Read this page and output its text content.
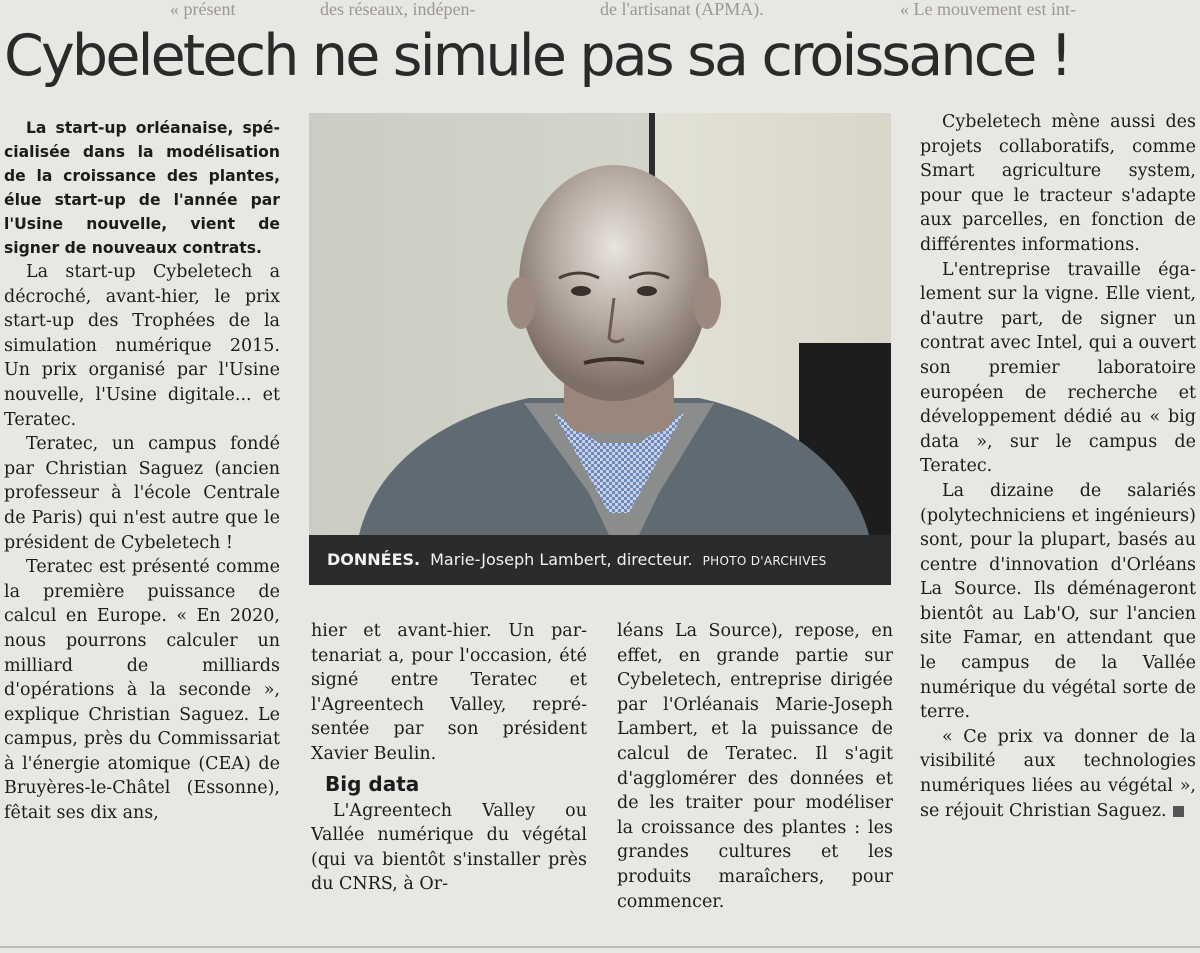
« présent	des réseaux, indépen-	de l'artisanat (APMA).	« Le mouvement est int-
Cybeletech ne simule pas sa croissance !

La start-up orléanaise, spécialisée dans la modélisation de la croissance des plantes, élue start-up de l'année par l'Usine nouvelle, vient de signer de nouveaux contrats.

La start-up Cybeletech a décroché, avant-hier, le prix start-up des Trophées de la simulation numérique 2015. Un prix organisé par l'Usine nouvelle, l'Usine digitale... et Teratec.

Teratec, un campus fondé par Christian Saguez (ancien professeur à l'école Centrale de Paris) qui n'est autre que le président de Cybeletech !

Teratec est présenté comme la première puissance de calcul en Europe. « En 2020, nous pourrons calculer un milliard de milliards d'opérations à la seconde », explique Christian Saguez. Le campus, près du Commissariat à l'énergie atomique (CEA) de Bruyères-le-Châtel (Essonne), fêtait ses dix ans,

DONNÉES. Marie-Joseph Lambert, directeur. PHOTO D'ARCHIVES

hier et avant-hier. Un partenariat a, pour l'occasion, été signé entre Teratec et l'Agreentech Valley, représentée par son président Xavier Beulin.

Big data

L'Agreentech Valley ou Vallée numérique du végétal (qui va bientôt s'installer près du CNRS, à Or-

léans La Source), repose, en effet, en grande partie sur Cybeletech, entreprise dirigée par l'Orléanais Marie-Joseph Lambert, et la puissance de calcul de Teratec. Il s'agit d'agglomérer des données et de les traiter pour modéliser la croissance des plantes : les grandes cultures et les produits maraîchers, pour commencer.

Cybeletech mène aussi des projets collaboratifs, comme Smart agriculture system, pour que le tracteur s'adapte aux parcelles, en fonction de différentes informations.

L'entreprise travaille également sur la vigne. Elle vient, d'autre part, de signer un contrat avec Intel, qui a ouvert son premier laboratoire européen de recherche et développement dédié au « big data », sur le campus de Teratec.

La dizaine de salariés (polytechniciens et ingénieurs) sont, pour la plupart, basés au centre d'innovation d'Orléans La Source. Ils déménageront bientôt au Lab'O, sur l'ancien site Famar, en attendant que le campus de la Vallée numérique du végétal sorte de terre.

« Ce prix va donner de la visibilité aux technologies numériques liées au végétal », se réjouit Christian Saguez.
